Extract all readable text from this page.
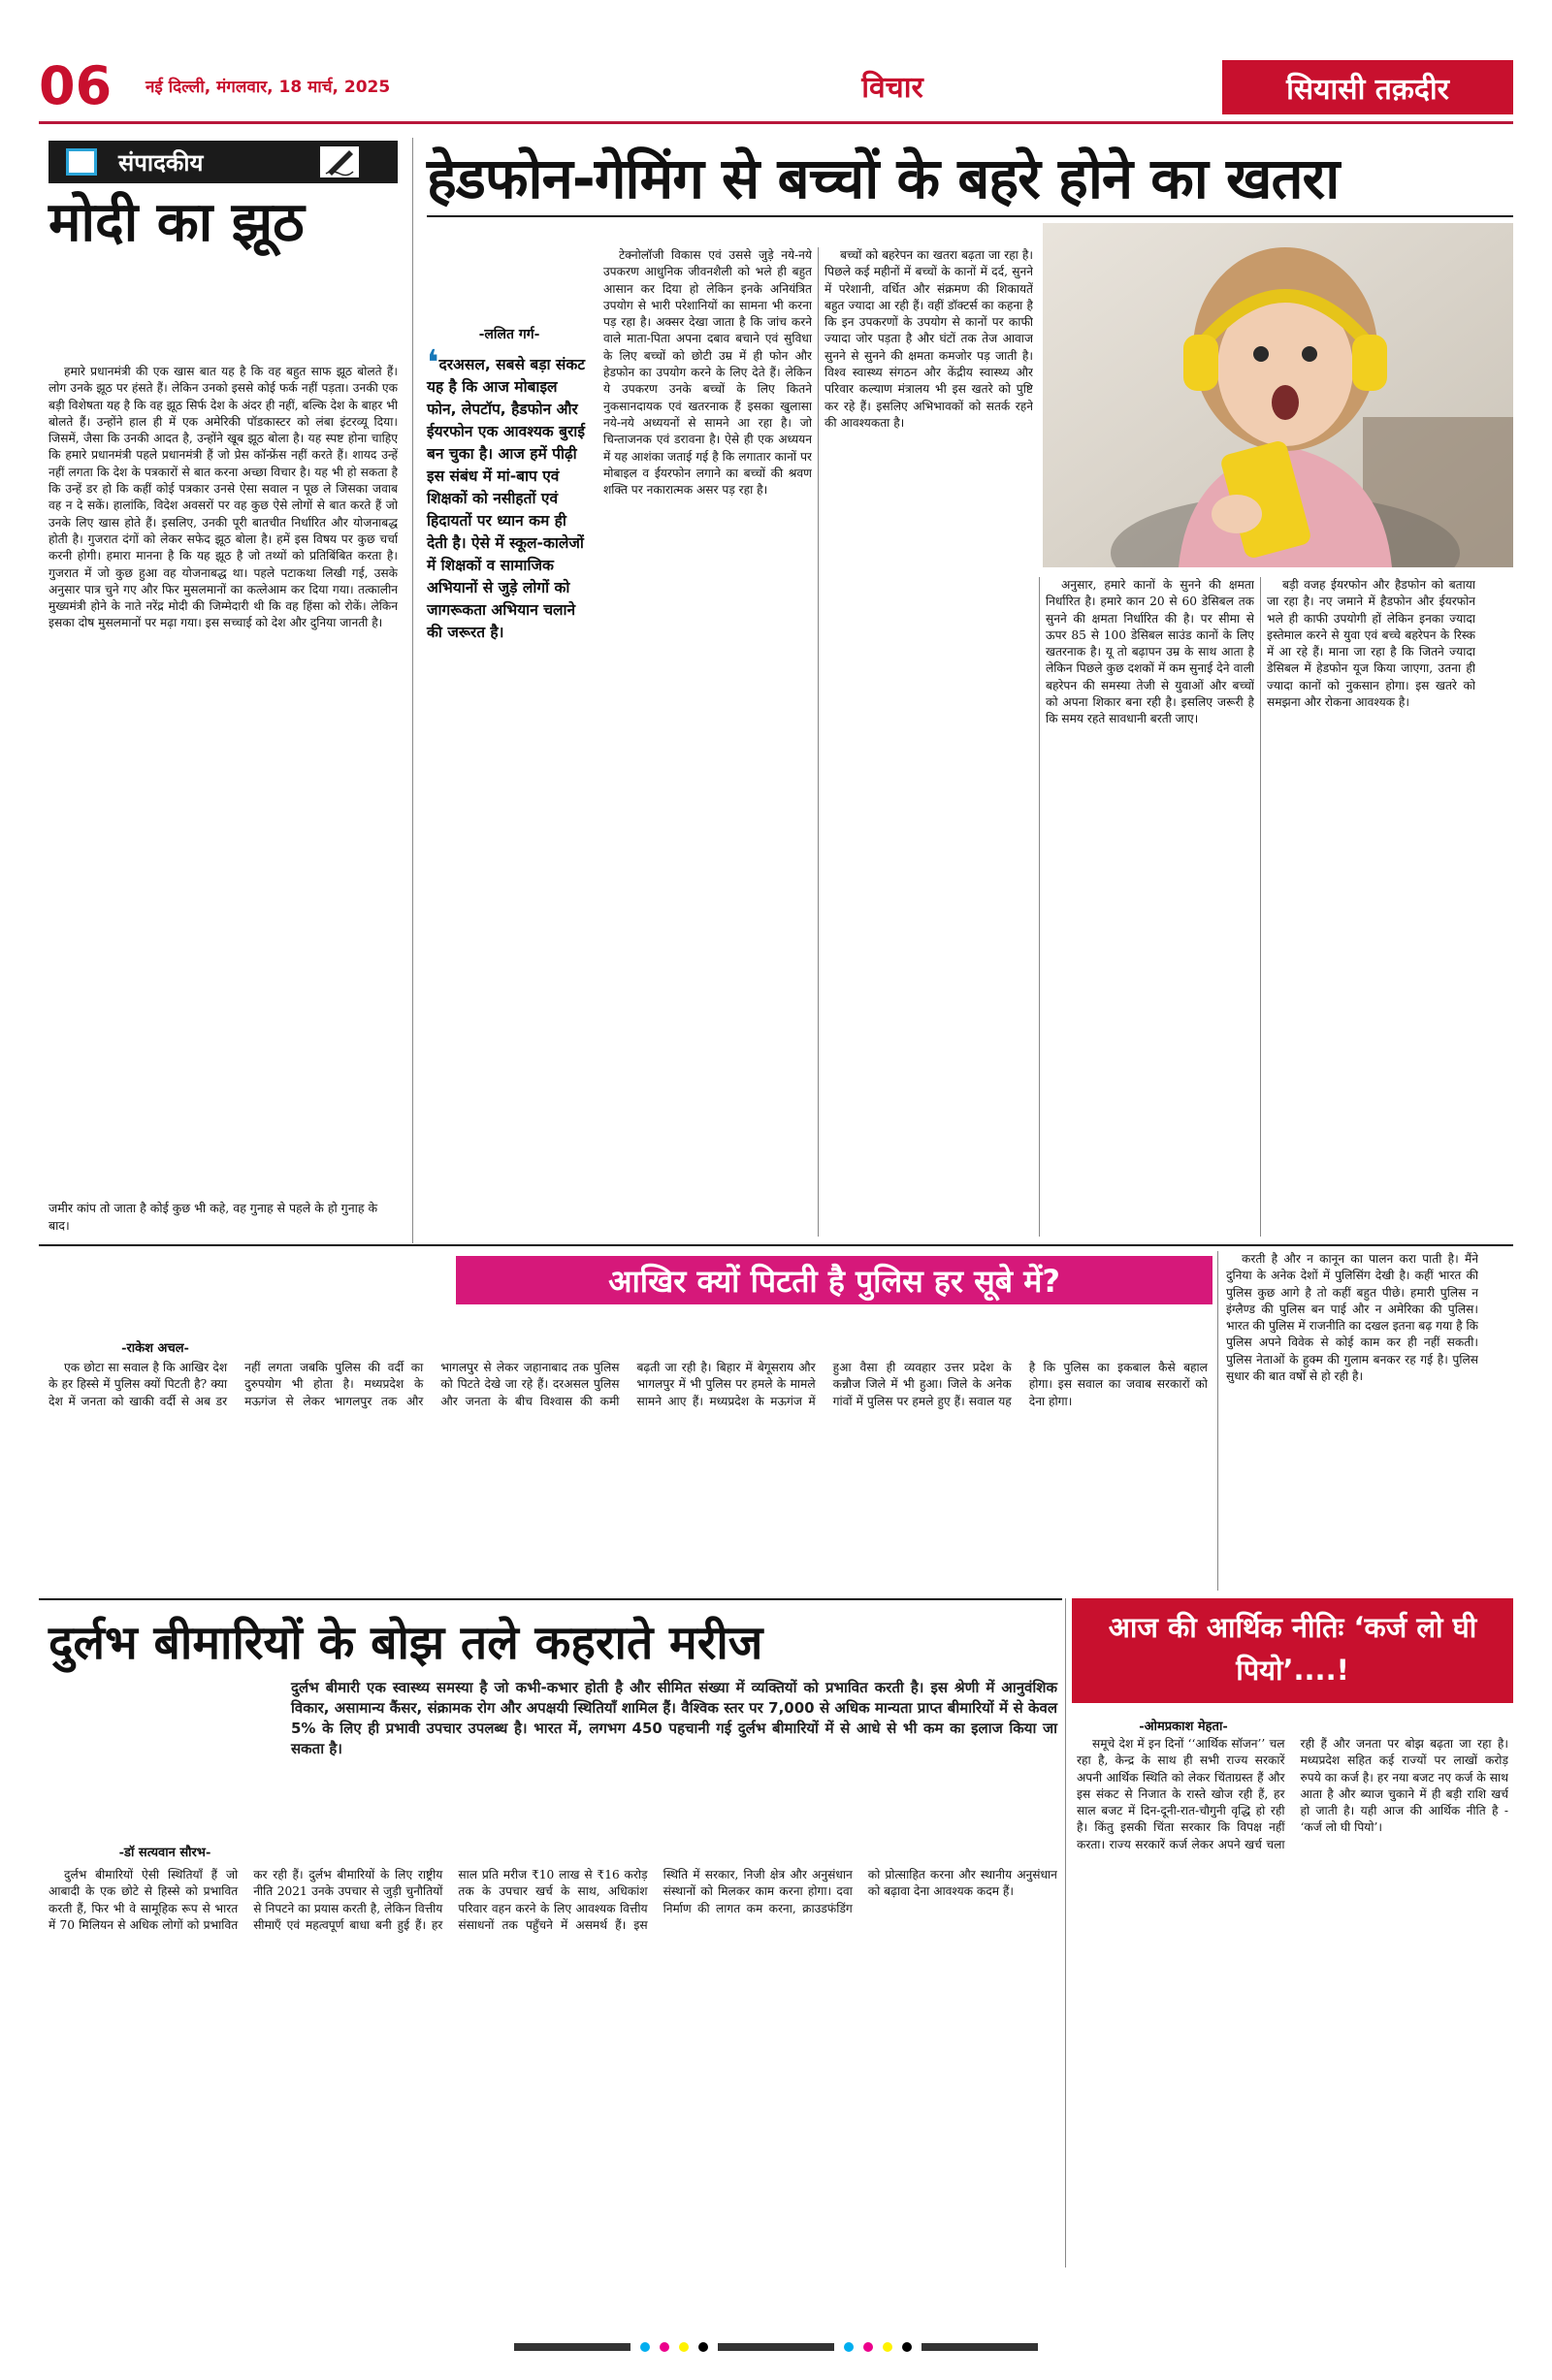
06	नई दिल्ली, मंगलवार, 18 मार्च, 2025	विचार	सियासी तक़दीर
संपादकीय
मोदी का झूठ

हमारे प्रधानमंत्री की एक खास बात यह है कि वह बहुत साफ झूठ बोलते हैं। लोग उनके झूठ पर हंसते हैं। लेकिन उनको इससे कोई फर्क नहीं पड़ता। उनकी एक बड़ी विशेषता यह है कि वह झूठ सिर्फ देश के अंदर ही नहीं, बल्कि देश के बाहर भी बोलते हैं। उन्होंने हाल ही में एक अमेरिकी पॉडकास्टर को लंबा इंटरव्यू दिया। जिसमें, जैसा कि उनकी आदत है, उन्होंने खूब झूठ बोला है। यह स्पष्ट होना चाहिए कि हमारे प्रधानमंत्री पहले प्रधानमंत्री हैं जो प्रेस कॉन्फ्रेंस नहीं करते हैं। शायद उन्हें नहीं लगता कि देश के पत्रकारों से बात करना अच्छा विचार है। यह भी हो सकता है कि उन्हें डर हो कि कहीं कोई पत्रकार उनसे ऐसा सवाल न पूछ ले जिसका जवाब वह न दे सकें। हालांकि, विदेश अवसरों पर वह कुछ ऐसे लोगों से बात करते हैं जो उनके लिए खास होते हैं। इसलिए, उनकी पूरी बातचीत निर्धारित और योजनाबद्ध होती है। गुजरात दंगों को लेकर सफेद झूठ बोला है। हमें इस विषय पर कुछ चर्चा करनी होगी। हमारा मानना है कि यह झूठ है जो तथ्यों को प्रतिबिंबित करता है। गुजरात में जो कुछ हुआ वह योजनाबद्ध था। पहले पटाकथा लिखी गई, उसके अनुसार पात्र चुने गए और फिर मुसलमानों का कत्लेआम कर दिया गया। तत्कालीन मुख्यमंत्री होने के नाते नरेंद्र मोदी की जिम्मेदारी थी कि वह हिंसा को रोकें। लेकिन इसका दोष मुसलमानों पर मढ़ा गया। इस सच्चाई को देश और दुनिया जानती है।

जमीर कांप तो जाता है कोई कुछ भी कहे, वह गुनाह से पहले के हो गुनाह के बाद।
हेडफोन-गेमिंग से बच्चों के बहरे होने का खतरा
-ललित गर्ग-
❛दरअसल, सबसे बड़ा संकट यह है कि आज मोबाइल फोन, लेपटॉप, हैडफोन और ईयरफोन एक आवश्यक बुराई बन चुका है। आज हमें पीढ़ी इस संबंध में मां-बाप एवं शिक्षकों को नसीहतों एवं हिदायतों पर ध्यान कम ही देती है। ऐसे में स्कूल-कालेजों में शिक्षकों व सामाजिक अभियानों से जुड़े लोगों को जागरूकता अभियान चलाने की जरूरत है।

टेक्नोलॉजी विकास एवं उससे जुड़े नये-नये उपकरण आधुनिक जीवनशैली को भले ही बहुत आसान कर दिया हो लेकिन इनके अनियंत्रित उपयोग से भारी परेशानियों का सामना भी करना पड़ रहा है। अक्सर देखा जाता है कि जांच करने वाले माता-पिता अपना दबाव बचाने एवं सुविधा के लिए बच्चों को छोटी उम्र में ही फोन और हेडफोन का उपयोग करने के लिए देते हैं। लेकिन ये उपकरण उनके बच्चों के लिए कितने नुकसानदायक एवं खतरनाक हैं इसका खुलासा नये-नये अध्ययनों से सामने आ रहा है। जो चिन्ताजनक एवं डरावना है। ऐसे ही एक अध्ययन में यह आशंका जताई गई है कि लगातार कानों पर मोबाइल व ईयरफोन लगाने का बच्चों की श्रवण शक्ति पर नकारात्मक असर पड़ रहा है।

बच्चों को बहरेपन का खतरा बढ़ता जा रहा है। पिछले कई महीनों में बच्चों के कानों में दर्द, सुनने में परेशानी, वर्धित और संक्रमण की शिकायतें बहुत ज्यादा आ रही हैं। वहीं डॉक्टर्स का कहना है कि इन उपकरणों के उपयोग से कानों पर काफी ज्यादा जोर पड़ता है और घंटों तक तेज आवाज सुनने से सुनने की क्षमता कमजोर पड़ जाती है। विश्व स्वास्थ्य संगठन और केंद्रीय स्वास्थ्य और परिवार कल्याण मंत्रालय भी इस खतरे को पुष्टि कर रहे हैं। इसलिए अभिभावकों को सतर्क रहने की आवश्यकता है।

अनुसार, हमारे कानों के सुनने की क्षमता निर्धारित है। हमारे कान 20 से 60 डेसिबल तक सुनने की क्षमता निर्धारित की है। पर सीमा से ऊपर 85 से 100 डेसिबल साउंड कानों के लिए खतरनाक है। यू तो बढ़ापन उम्र के साथ आता है लेकिन पिछले कुछ दशकों में कम सुनाई देने वाली बहरेपन की समस्या तेजी से युवाओं और बच्चों को अपना शिकार बना रही है। इसलिए जरूरी है कि समय रहते सावधानी बरती जाए।

बड़ी वजह ईयरफोन और हैडफोन को बताया जा रहा है। नए जमाने में हैडफोन और ईयरफोन भले ही काफी उपयोगी हों लेकिन इनका ज्यादा इस्तेमाल करने से युवा एवं बच्चे बहरेपन के रिस्क में आ रहे हैं। माना जा रहा है कि जितने ज्यादा डेसिबल में हेडफोन यूज किया जाएगा, उतना ही ज्यादा कानों को नुकसान होगा। इस खतरे को समझना और रोकना आवश्यक है।

आखिर क्यों पिटती है पुलिस हर सूबे में?
-राकेश अचल-

एक छोटा सा सवाल है कि आखिर देश के हर हिस्से में पुलिस क्यों पिटती है? क्या देश में जनता को खाकी वर्दी से अब डर नहीं लगता जबकि पुलिस की वर्दी का दुरुपयोग भी होता है। मध्यप्रदेश के मऊगंज से लेकर भागलपुर तक और भागलपुर से लेकर जहानाबाद तक पुलिस को पिटते देखे जा रहे हैं। दरअसल पुलिस और जनता के बीच विश्वास की कमी बढ़ती जा रही है। बिहार में बेगूसराय और भागलपुर में भी पुलिस पर हमले के मामले सामने आए हैं। मध्यप्रदेश के मऊगंज में हुआ वैसा ही व्यवहार उत्तर प्रदेश के कन्नौज जिले में भी हुआ। जिले के अनेक गांवों में पुलिस पर हमले हुए हैं। सवाल यह है कि पुलिस का इकबाल कैसे बहाल होगा। इस सवाल का जवाब सरकारों को देना होगा।

करती है और न कानून का पालन करा पाती है। मैंने दुनिया के अनेक देशों में पुलिसिंग देखी है। कहीं भारत की पुलिस कुछ आगे है तो कहीं बहुत पीछे। हमारी पुलिस न इंग्लैण्ड की पुलिस बन पाई और न अमेरिका की पुलिस। भारत की पुलिस में राजनीति का दखल इतना बढ़ गया है कि पुलिस अपने विवेक से कोई काम कर ही नहीं सकती। पुलिस नेताओं के हुक्म की गुलाम बनकर रह गई है। पुलिस सुधार की बात वर्षों से हो रही है।

दुर्लभ बीमारियों के बोझ तले कहराते मरीज
दुर्लभ बीमारी एक स्वास्थ्य समस्या है जो कभी-कभार होती है और सीमित संख्या में व्यक्तियों को प्रभावित करती है। इस श्रेणी में आनुवंशिक विकार, असामान्य कैंसर, संक्रामक रोग और अपक्षयी स्थितियाँ शामिल हैं। वैश्विक स्तर पर 7,000 से अधिक मान्यता प्राप्त बीमारियों में से केवल 5% के लिए ही प्रभावी उपचार उपलब्ध है। भारत में, लगभग 450 पहचानी गई दुर्लभ बीमारियों में से आधे से भी कम का इलाज किया जा सकता है।
-डॉ सत्यवान सौरभ-

दुर्लभ बीमारियों ऐसी स्थितियाँ हैं जो आबादी के एक छोटे से हिस्से को प्रभावित करती हैं, फिर भी वे सामूहिक रूप से भारत में 70 मिलियन से अधिक लोगों को प्रभावित कर रही हैं। दुर्लभ बीमारियों के लिए राष्ट्रीय नीति 2021 उनके उपचार से जुड़ी चुनौतियों से निपटने का प्रयास करती है, लेकिन वित्तीय सीमाएँ एवं महत्वपूर्ण बाधा बनी हुई हैं। हर साल प्रति मरीज ₹10 लाख से ₹16 करोड़ तक के उपचार खर्च के साथ, अधिकांश परिवार वहन करने के लिए आवश्यक वित्तीय संसाधनों तक पहुँचने में असमर्थ हैं। इस स्थिति में सरकार, निजी क्षेत्र और अनुसंधान संस्थानों को मिलकर काम करना होगा। दवा निर्माण की लागत कम करना, क्राउडफंडिंग को प्रोत्साहित करना और स्थानीय अनुसंधान को बढ़ावा देना आवश्यक कदम हैं।

आज की आर्थिक नीतिः ‘कर्ज लो घी पियो’....!
-ओमप्रकाश मेहता-

समूचे देश में इन दिनों ‘‘आर्थिक सॉजन’’ चल रहा है, केन्द्र के साथ ही सभी राज्य सरकारें अपनी आर्थिक स्थिति को लेकर चिंताग्रस्त हैं और इस संकट से निजात के रास्ते खोज रही हैं, हर साल बजट में दिन-दूनी-रात-चौगुनी वृद्धि हो रही है। किंतु इसकी चिंता सरकार कि विपक्ष नहीं करता। राज्य सरकारें कर्ज लेकर अपने खर्च चला रही हैं और जनता पर बोझ बढ़ता जा रहा है। मध्यप्रदेश सहित कई राज्यों पर लाखों करोड़ रुपये का कर्ज है। हर नया बजट नए कर्ज के साथ आता है और ब्याज चुकाने में ही बड़ी राशि खर्च हो जाती है। यही आज की आर्थिक नीति है - ‘कर्ज लो घी पियो’।
